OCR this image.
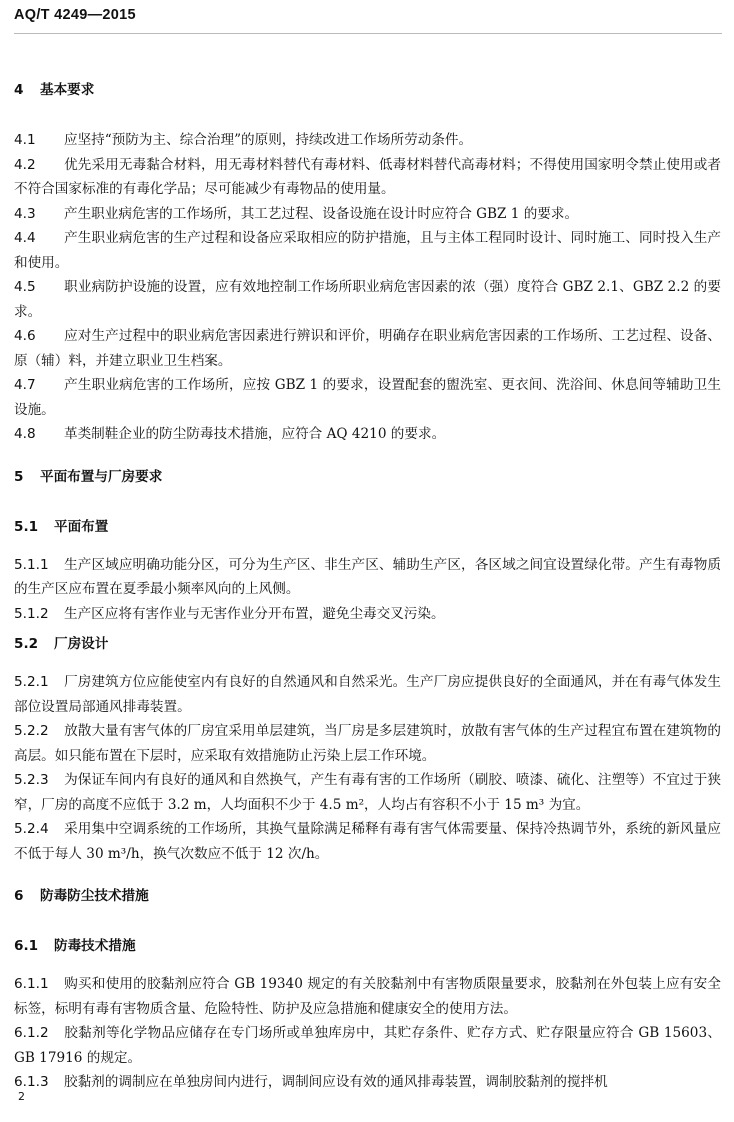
AQ/T 4249—2015
4 基本要求

4.1 应坚持“预防为主、综合治理”的原则，持续改进工作场所劳动条件。

4.2 优先采用无毒黏合材料，用无毒材料替代有毒材料、低毒材料替代高毒材料；不得使用国家明令禁止使用或者不符合国家标准的有毒化学品；尽可能减少有毒物品的使用量。

4.3 产生职业病危害的工作场所，其工艺过程、设备设施在设计时应符合 GBZ 1 的要求。

4.4 产生职业病危害的生产过程和设备应采取相应的防护措施，且与主体工程同时设计、同时施工、同时投入生产和使用。

4.5 职业病防护设施的设置，应有效地控制工作场所职业病危害因素的浓（强）度符合 GBZ 2.1、GBZ 2.2 的要求。

4.6 应对生产过程中的职业病危害因素进行辨识和评价，明确存在职业病危害因素的工作场所、工艺过程、设备、原（辅）料，并建立职业卫生档案。

4.7 产生职业病危害的工作场所，应按 GBZ 1 的要求，设置配套的盥洗室、更衣间、洗浴间、休息间等辅助卫生设施。

4.8 革类制鞋企业的防尘防毒技术措施，应符合 AQ 4210 的要求。

5 平面布置与厂房要求
5.1 平面布置

5.1.1 生产区域应明确功能分区，可分为生产区、非生产区、辅助生产区，各区域之间宜设置绿化带。产生有毒物质的生产区应布置在夏季最小频率风向的上风侧。

5.1.2 生产区应将有害作业与无害作业分开布置，避免尘毒交叉污染。

5.2 厂房设计

5.2.1 厂房建筑方位应能使室内有良好的自然通风和自然采光。生产厂房应提供良好的全面通风，并在有毒气体发生部位设置局部通风排毒装置。

5.2.2 放散大量有害气体的厂房宜采用单层建筑，当厂房是多层建筑时，放散有害气体的生产过程宜布置在建筑物的高层。如只能布置在下层时，应采取有效措施防止污染上层工作环境。

5.2.3 为保证车间内有良好的通风和自然换气，产生有毒有害的工作场所（刷胶、喷漆、硫化、注塑等）不宜过于狭窄，厂房的高度不应低于 3.2 m，人均面积不少于 4.5 m²，人均占有容积不小于 15 m³ 为宜。

5.2.4 采用集中空调系统的工作场所，其换气量除满足稀释有毒有害气体需要量、保持冷热调节外，系统的新风量应不低于每人 30 m³/h，换气次数应不低于 12 次/h。

6 防毒防尘技术措施
6.1 防毒技术措施

6.1.1 购买和使用的胶黏剂应符合 GB 19340 规定的有关胶黏剂中有害物质限量要求，胶黏剂在外包装上应有安全标签，标明有毒有害物质含量、危险特性、防护及应急措施和健康安全的使用方法。

6.1.2 胶黏剂等化学物品应储存在专门场所或单独库房中，其贮存条件、贮存方式、贮存限量应符合 GB 15603、GB 17916 的规定。

6.1.3 胶黏剂的调制应在单独房间内进行，调制间应设有效的通风排毒装置，调制胶黏剂的搅拌机

2
